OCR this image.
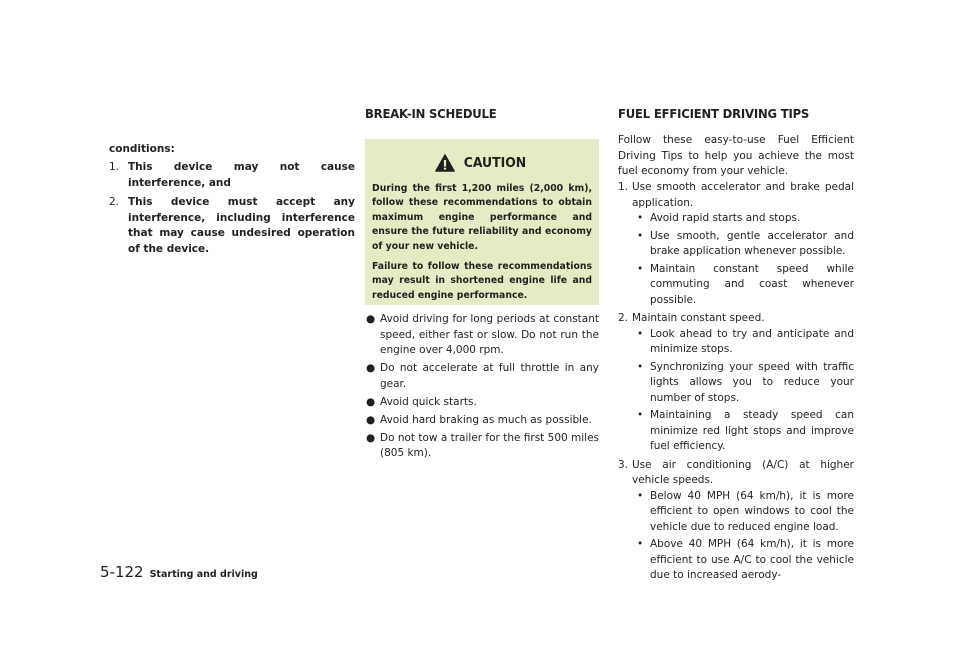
conditions:
1. This device may not cause interference, and
2. This device must accept any interference, including interference that may cause undesired operation of the device.
BREAK-IN SCHEDULE
CAUTION

During the first 1,200 miles (2,000 km), follow these recommendations to obtain maximum engine performance and ensure the future reliability and economy of your new vehicle.

Failure to follow these recommendations may result in shortened engine life and reduced engine performance.

● Avoid driving for long periods at constant speed, either fast or slow. Do not run the engine over 4,000 rpm.
● Do not accelerate at full throttle in any gear.
● Avoid quick starts.
● Avoid hard braking as much as possible.
● Do not tow a trailer for the first 500 miles (805 km).
FUEL EFFICIENT DRIVING TIPS

Follow these easy-to-use Fuel Efficient Driving Tips to help you achieve the most fuel economy from your vehicle.

1. Use smooth accelerator and brake pedal application.
• Avoid rapid starts and stops.
• Use smooth, gentle accelerator and brake application whenever possible.
• Maintain constant speed while commuting and coast whenever possible.
2. Maintain constant speed.
• Look ahead to try and anticipate and minimize stops.
• Synchronizing your speed with traffic lights allows you to reduce your number of stops.
• Maintaining a steady speed can minimize red light stops and improve fuel efficiency.
3. Use air conditioning (A/C) at higher vehicle speeds.
• Below 40 MPH (64 km/h), it is more efficient to open windows to cool the vehicle due to reduced engine load.
• Above 40 MPH (64 km/h), it is more efficient to use A/C to cool the vehicle due to increased aerody-
5-122 Starting and driving
